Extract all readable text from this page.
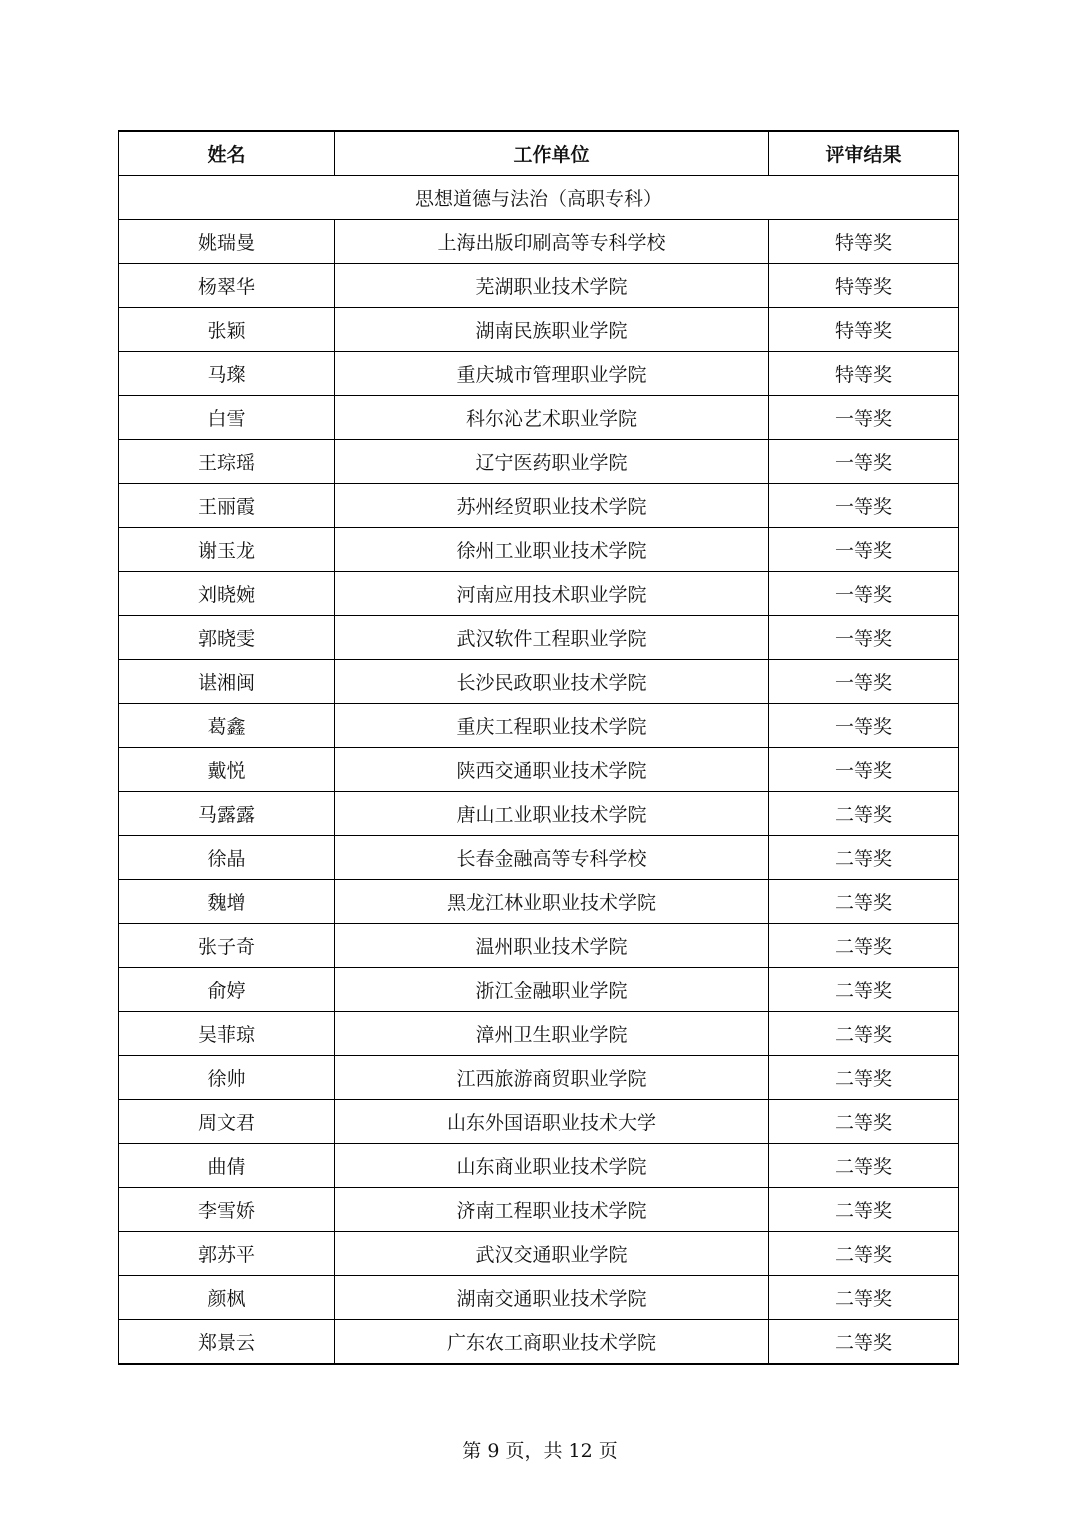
姓名	工作单位	评审结果
思想道德与法治（高职专科）		
姚瑞曼	上海出版印刷高等专科学校	特等奖
杨翠华	芜湖职业技术学院	特等奖
张颖	湖南民族职业学院	特等奖
马璨	重庆城市管理职业学院	特等奖
白雪	科尔沁艺术职业学院	一等奖
王琮瑶	辽宁医药职业学院	一等奖
王丽霞	苏州经贸职业技术学院	一等奖
谢玉龙	徐州工业职业技术学院	一等奖
刘晓婉	河南应用技术职业学院	一等奖
郭晓雯	武汉软件工程职业学院	一等奖
谌湘闽	长沙民政职业技术学院	一等奖
葛鑫	重庆工程职业技术学院	一等奖
戴悦	陕西交通职业技术学院	一等奖
马露露	唐山工业职业技术学院	二等奖
徐晶	长春金融高等专科学校	二等奖
魏增	黑龙江林业职业技术学院	二等奖
张子奇	温州职业技术学院	二等奖
俞婷	浙江金融职业学院	二等奖
吴菲琼	漳州卫生职业学院	二等奖
徐帅	江西旅游商贸职业学院	二等奖
周文君	山东外国语职业技术大学	二等奖
曲倩	山东商业职业技术学院	二等奖
李雪娇	济南工程职业技术学院	二等奖
郭苏平	武汉交通职业学院	二等奖
颜枫	湖南交通职业技术学院	二等奖
郑景云	广东农工商职业技术学院	二等奖
第 9 页，共 12 页
